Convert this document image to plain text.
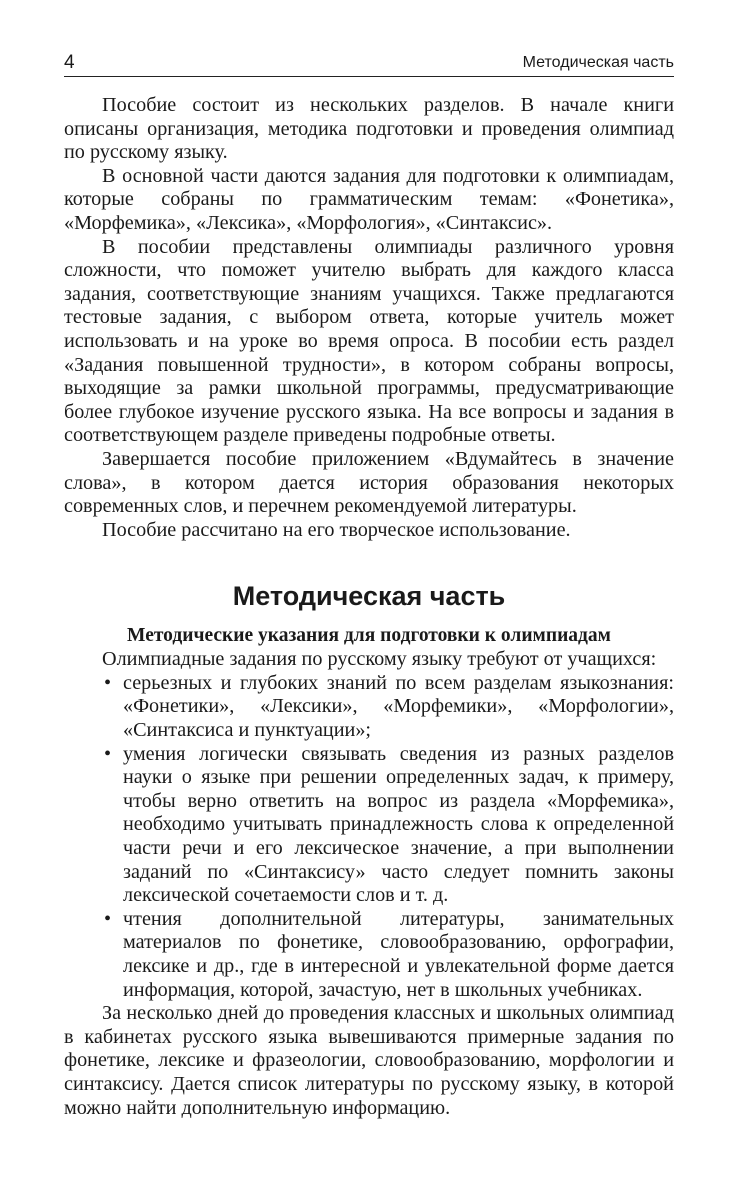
4	Методическая часть

Пособие состоит из нескольких разделов. В начале книги описаны организация, методика подготовки и проведения олимпиад по русскому языку.

В основной части даются задания для подготовки к олимпиадам, которые собраны по грамматическим темам: «Фонетика», «Морфемика», «Лексика», «Морфология», «Синтаксис».

В пособии представлены олимпиады различного уровня сложности, что поможет учителю выбрать для каждого класса задания, соответствующие знаниям учащихся. Также предлагаются тестовые задания, с выбором ответа, которые учитель может использовать и на уроке во время опроса. В пособии есть раздел «Задания повышенной трудности», в котором собраны вопросы, выходящие за рамки школьной программы, предусматривающие более глубокое изучение русского языка. На все вопросы и задания в соответствующем разделе приведены подробные ответы.

Завершается пособие приложением «Вдумайтесь в значение слова», в котором дается история образования некоторых современных слов, и перечнем рекомендуемой литературы.

Пособие рассчитано на его творческое использование.

Методическая часть
Методические указания для подготовки к олимпиадам

Олимпиадные задания по русскому языку требуют от учащихся:

• серьезных и глубоких знаний по всем разделам языкознания: «Фонетики», «Лексики», «Морфемики», «Морфологии», «Синтаксиса и пунктуации»;
• умения логически связывать сведения из разных разделов науки о языке при решении определенных задач, к примеру, чтобы верно ответить на вопрос из раздела «Морфемика», необходимо учитывать принадлежность слова к определенной части речи и его лексическое значение, а при выполнении заданий по «Синтаксису» часто следует помнить законы лексической сочетаемости слов и т. д.
• чтения дополнительной литературы, занимательных материалов по фонетике, словообразованию, орфографии, лексике и др., где в интересной и увлекательной форме дается информация, которой, зачастую, нет в школьных учебниках.

За несколько дней до проведения классных и школьных олимпиад в кабинетах русского языка вывешиваются примерные задания по фонетике, лексике и фразеологии, словообразованию, морфологии и синтаксису. Дается список литературы по русскому языку, в которой можно найти дополнительную информацию.
